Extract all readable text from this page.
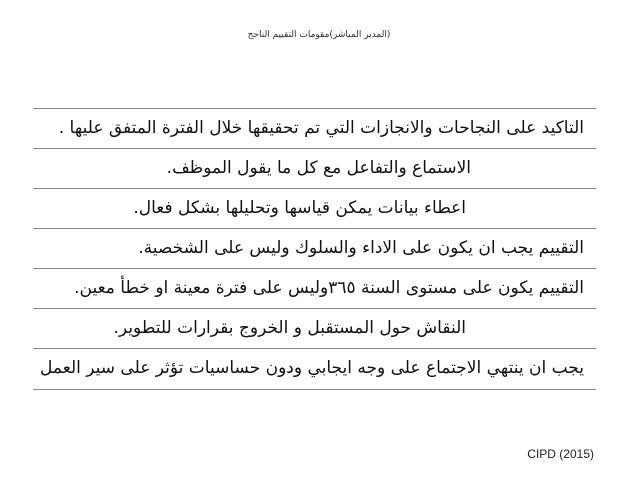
(المدير المباشر)مقومات التقييم الناجح
التاكيد على النجاحات والانجازات التي تم تحقيقها خلال الفترة المتفق عليها .
الاستماع والتفاعل مع كل ما يقول الموظف.
اعطاء بيانات يمكن قياسها وتحليلها بشكل فعال.
التقييم يجب ان يكون على الاداء والسلوك وليس على الشخصية.
التقييم يكون على مستوى السنة ٣٦٥وليس على فترة معينة او خطأ معين.
النقاش حول المستقبل و الخروج بقرارات للتطوير.
يجب ان ينتهي الاجتماع على وجه ايجابي ودون حساسيات تؤثر على سير العمل
CIPD (2015)
